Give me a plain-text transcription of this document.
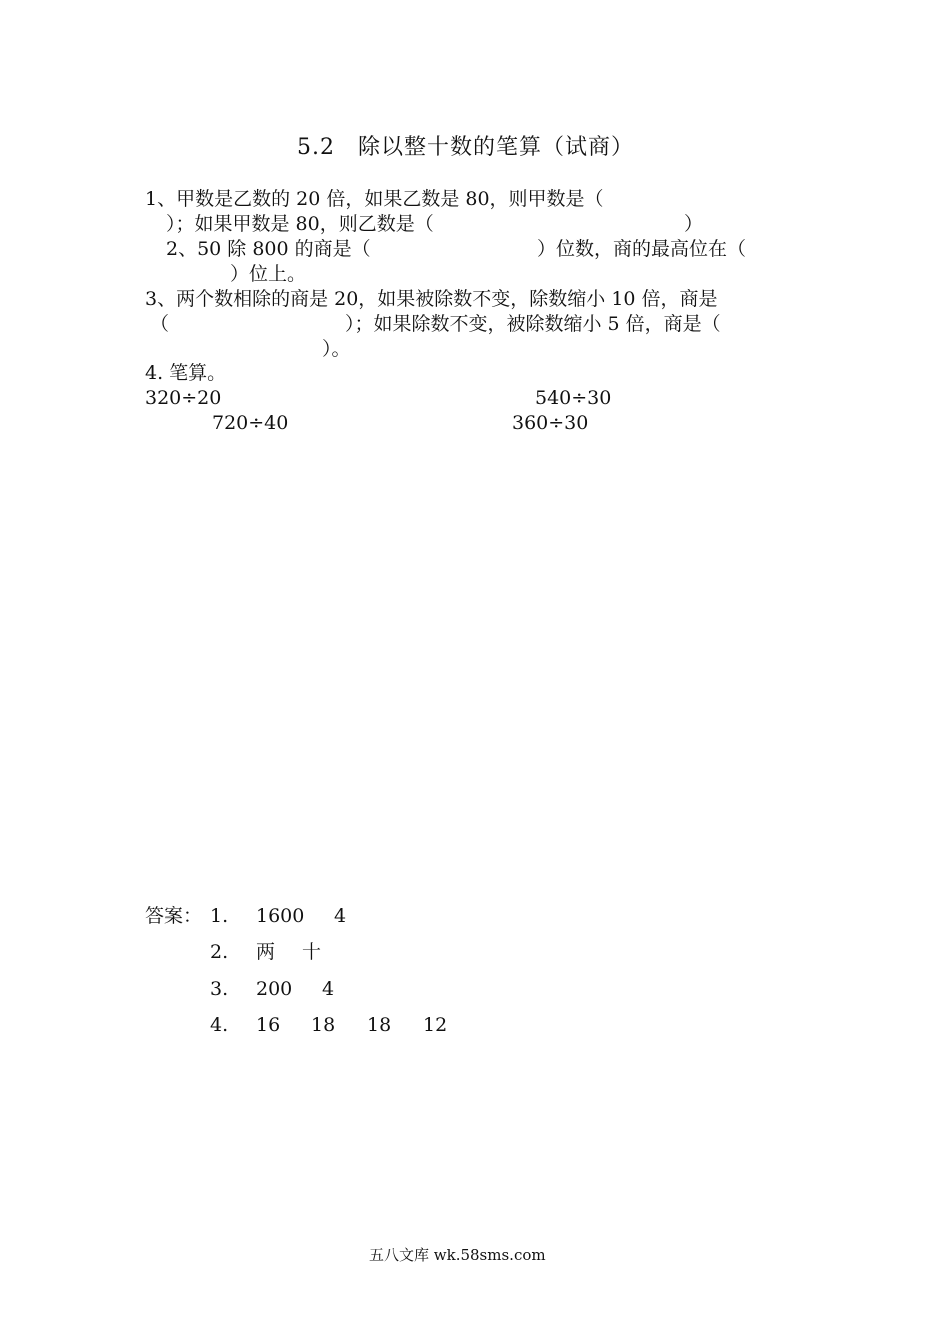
5.2　除以整十数的笔算（试商）
1、甲数是乙数的 20 倍，如果乙数是 80，则甲数是（
）；如果甲数是 80，则乙数是（	）
2、50 除 800 的商是（	）位数，商的最高位在（
）位上。
3、两个数相除的商是 20，如果被除数不变，除数缩小 10 倍，商是
（	）；如果除数不变，被除数缩小 5 倍，商是（
）。
4. 笔算。
320÷20	540÷30
720÷40	360÷30
答案： 1. 1600 4
2. 两 十
3. 200 4
4. 16 18 18 12
五八文库 wk.58sms.com
